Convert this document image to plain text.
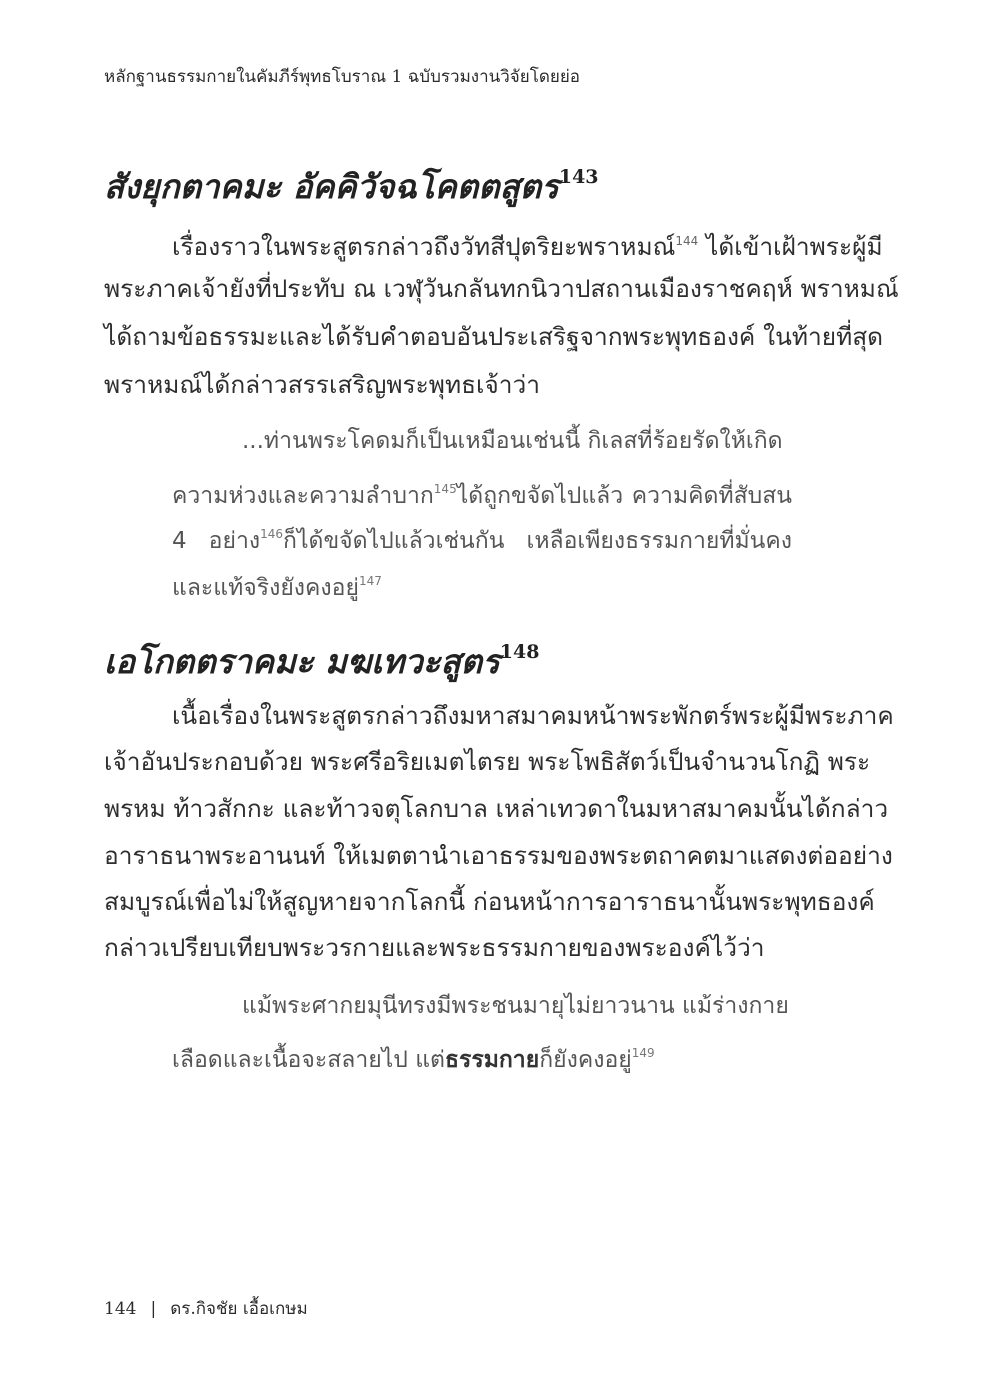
หลักฐานธรรมกายในคัมภีร์พุทธโบราณ 1 ฉบับรวมงานวิจัยโดยย่อ
สังยุกตาคมะ อัคคิวัจฉโคตตสูตร$^{143}$
เรื่องราวในพระสูตรกล่าวถึงวัทสีปุตริยะพราหมณ์$^{144}$ ได้เข้าเฝ้าพระผู้มี
พระภาคเจ้ายังที่ประทับ ณ เวฬุวันกลันทกนิวาปสถานเมืองราชคฤห์ พราหมณ์
ได้ถามข้อธรรมะและได้รับคำตอบอันประเสริฐจากพระพุทธองค์ ในท้ายที่สุด
พราหมณ์ได้กล่าวสรรเสริญพระพุทธเจ้าว่า
...ท่านพระโคดมก็เป็นเหมือนเช่นนี้ กิเลสที่ร้อยรัดให้เกิด
ความห่วงและความลำบาก$^{145}$ได้ถูกขจัดไปแล้ว ความคิดที่สับสน
4 อย่าง$^{146}$ก็ได้ขจัดไปแล้วเช่นกัน เหลือเพียงธรรมกายที่มั่นคง
และแท้จริงยังคงอยู่$^{147}$
เอโกตตราคมะ มฆเทวะสูตร$^{148}$
เนื้อเรื่องในพระสูตรกล่าวถึงมหาสมาคมหน้าพระพักตร์พระผู้มีพระภาค
เจ้าอันประกอบด้วย พระศรีอริยเมตไตรย พระโพธิสัตว์เป็นจำนวนโกฏิ พระ
พรหม ท้าวสักกะ และท้าวจตุโลกบาล เหล่าเทวดาในมหาสมาคมนั้นได้กล่าว
อาราธนาพระอานนท์ ให้เมตตานำเอาธรรมของพระตถาคตมาแสดงต่ออย่าง
สมบูรณ์เพื่อไม่ให้สูญหายจากโลกนี้ ก่อนหน้าการอาราธนานั้นพระพุทธองค์
กล่าวเปรียบเทียบพระวรกายและพระธรรมกายของพระองค์ไว้ว่า
แม้พระศากยมุนีทรงมีพระชนมายุไม่ยาวนาน แม้ร่างกาย
เลือดและเนื้อจะสลายไป แต่ธรรมกายก็ยังคงอยู่$^{149}$
144 | ดร.กิจชัย เอื้อเกษม
